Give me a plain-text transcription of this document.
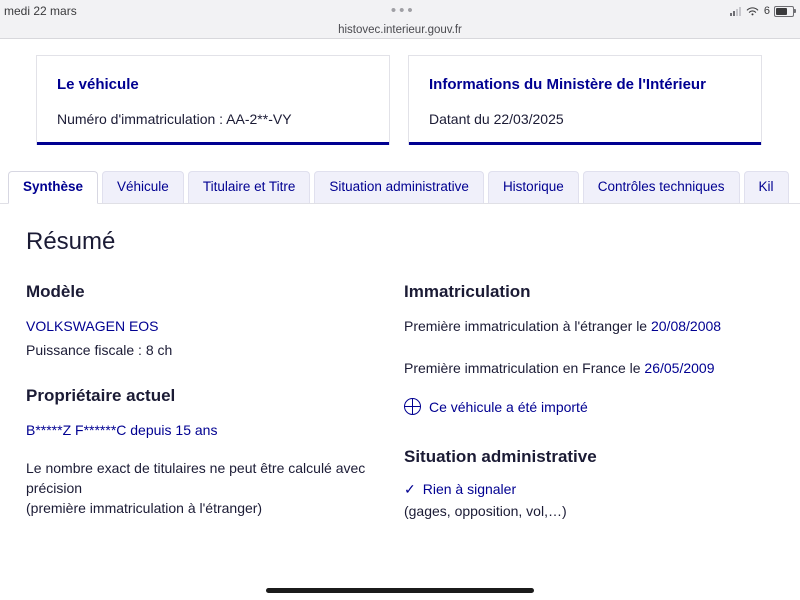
medi 22 mars	•••	6
histovec.interieur.gouv.fr
Le véhicule
Numéro d'immatriculation : AA-2**-VY
Informations du Ministère de l'Intérieur
Datant du 22/03/2025
Synthèse	Véhicule	Titulaire et Titre	Situation administrative	Historique	Contrôles techniques	Kil
Résumé
Modèle
VOLKSWAGEN EOS
Puissance fiscale : 8 ch
Propriétaire actuel
B*****Z F******C depuis 15 ans
Le nombre exact de titulaires ne peut être calculé avec
précision
(première immatriculation à l'étranger)
Immatriculation
Première immatriculation à l'étranger le 20/08/2008
Première immatriculation en France le 26/05/2009
Ce véhicule a été importé
Situation administrative
✓ Rien à signaler
(gages, opposition, vol,…)
